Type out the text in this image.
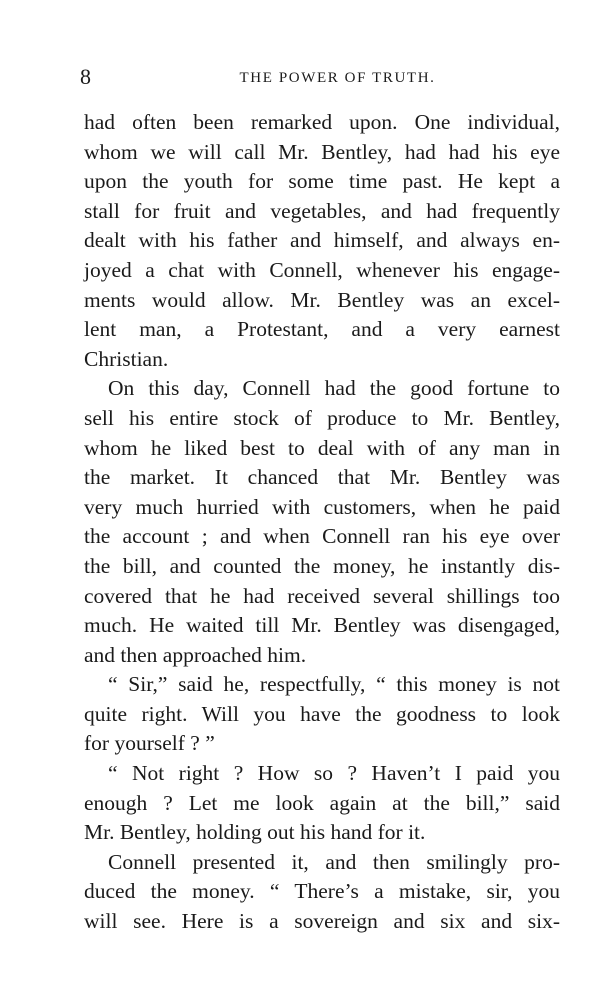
8	THE POWER OF TRUTH.
had often been remarked upon. One individual,
whom we will call Mr. Bentley, had had his eye
upon the youth for some time past. He kept a
stall for fruit and vegetables, and had frequently
dealt with his father and himself, and always en-
joyed a chat with Connell, whenever his engage-
ments would allow. Mr. Bentley was an excel-
lent man, a Protestant, and a very earnest
Christian.
On this day, Connell had the good fortune to
sell his entire stock of produce to Mr. Bentley,
whom he liked best to deal with of any man in
the market. It chanced that Mr. Bentley was
very much hurried with customers, when he paid
the account ; and when Connell ran his eye over
the bill, and counted the money, he instantly dis-
covered that he had received several shillings too
much. He waited till Mr. Bentley was disengaged,
and then approached him.
“ Sir,” said he, respectfully, “ this money is not
quite right. Will you have the goodness to look
for yourself ? ”
“ Not right ? How so ? Haven’t I paid you
enough ? Let me look again at the bill,” said
Mr. Bentley, holding out his hand for it.
Connell presented it, and then smilingly pro-
duced the money. “ There’s a mistake, sir, you
will see. Here is a sovereign and six and six-
